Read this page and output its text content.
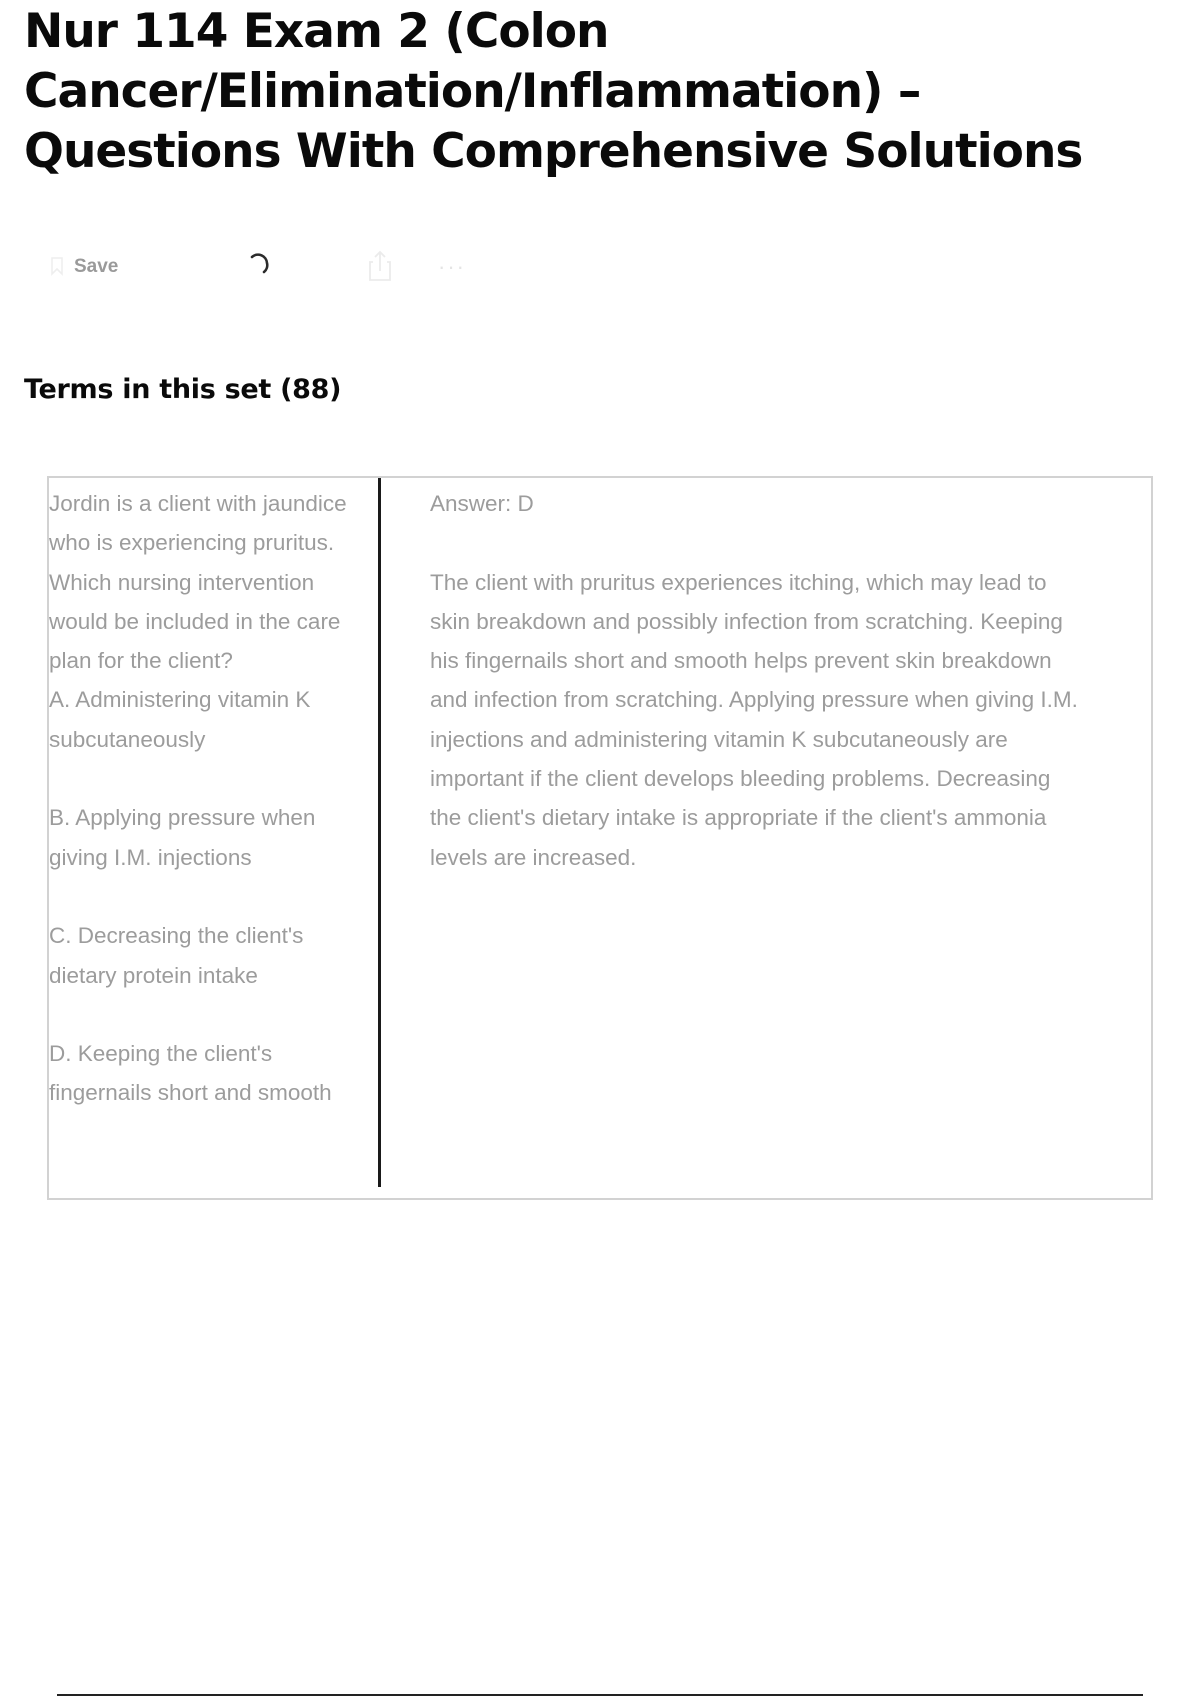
Nur 114 Exam 2 (Colon Cancer/Elimination/Inflammation) – Questions With Comprehensive Solutions
Save	···
Terms in this set (88)

Jordin is a client with jaundice who is experiencing pruritus. Which nursing intervention would be included in the care plan for the client?
A. Administering vitamin K subcutaneously

B. Applying pressure when giving I.M. injections

C. Decreasing the client's dietary protein intake

D. Keeping the client's fingernails short and smooth

Answer: D

The client with pruritus experiences itching, which may lead to skin breakdown and possibly infection from scratching. Keeping his fingernails short and smooth helps prevent skin breakdown and infection from scratching. Applying pressure when giving I.M. injections and administering vitamin K subcutaneously are important if the client develops bleeding problems. Decreasing the client's dietary intake is appropriate if the client's ammonia levels are increased.
